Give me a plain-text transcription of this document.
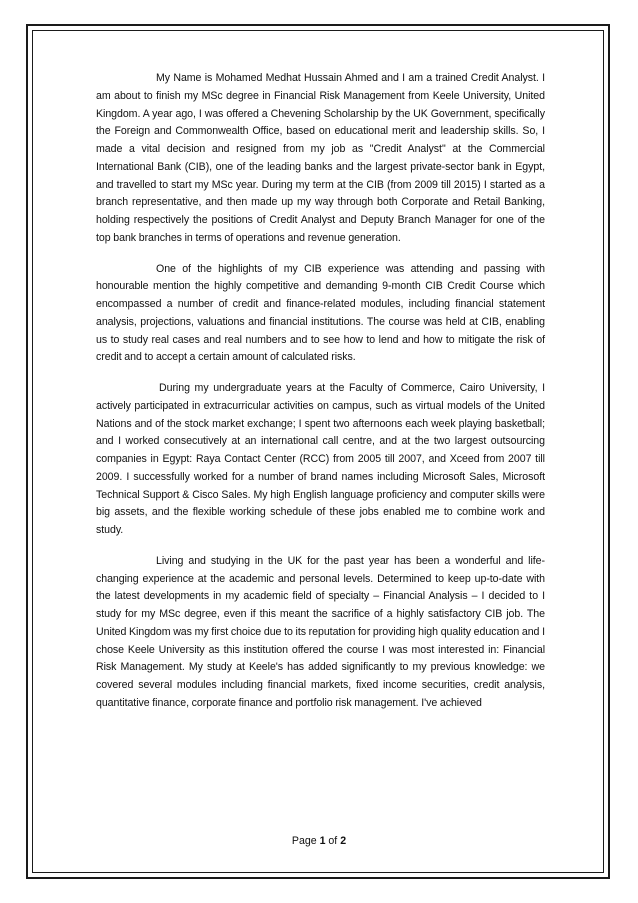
My Name is Mohamed Medhat Hussain Ahmed and I am a trained Credit Analyst. I am about to finish my MSc degree in Financial Risk Management from Keele University, United Kingdom. A year ago, I was offered a Chevening Scholarship by the UK Government, specifically the Foreign and Commonwealth Office, based on educational merit and leadership skills. So, I made a vital decision and resigned from my job as "Credit Analyst" at the Commercial International Bank (CIB), one of the leading banks and the largest private-sector bank in Egypt, and travelled to start my MSc year. During my term at the CIB (from 2009 till 2015) I started as a branch representative, and then made up my way through both Corporate and Retail Banking, holding respectively the positions of Credit Analyst and Deputy Branch Manager for one of the top bank branches in terms of operations and revenue generation.

One of the highlights of my CIB experience was attending and passing with honourable mention the highly competitive and demanding 9-month CIB Credit Course which encompassed a number of credit and finance-related modules, including financial statement analysis, projections, valuations and financial institutions. The course was held at CIB, enabling us to study real cases and real numbers and to see how to lend and how to mitigate the risk of credit and to accept a certain amount of calculated risks.

During my undergraduate years at the Faculty of Commerce, Cairo University, I actively participated in extracurricular activities on campus, such as virtual models of the United Nations and of the stock market exchange; I spent two afternoons each week playing basketball; and I worked consecutively at an international call centre, and at the two largest outsourcing companies in Egypt: Raya Contact Center (RCC) from 2005 till 2007, and Xceed from 2007 till 2009. I successfully worked for a number of brand names including Microsoft Sales, Microsoft Technical Support & Cisco Sales. My high English language proficiency and computer skills were big assets, and the flexible working schedule of these jobs enabled me to combine work and study.

Living and studying in the UK for the past year has been a wonderful and life-changing experience at the academic and personal levels. Determined to keep up-to-date with the latest developments in my academic field of specialty – Financial Analysis – I decided to I study for my MSc degree, even if this meant the sacrifice of a highly satisfactory CIB job. The United Kingdom was my first choice due to its reputation for providing high quality education and I chose Keele University as this institution offered the course I was most interested in: Financial Risk Management. My study at Keele's has added significantly to my previous knowledge: we covered several modules including financial markets, fixed income securities, credit analysis, quantitative finance, corporate finance and portfolio risk management. I've achieved

Page 1 of 2
